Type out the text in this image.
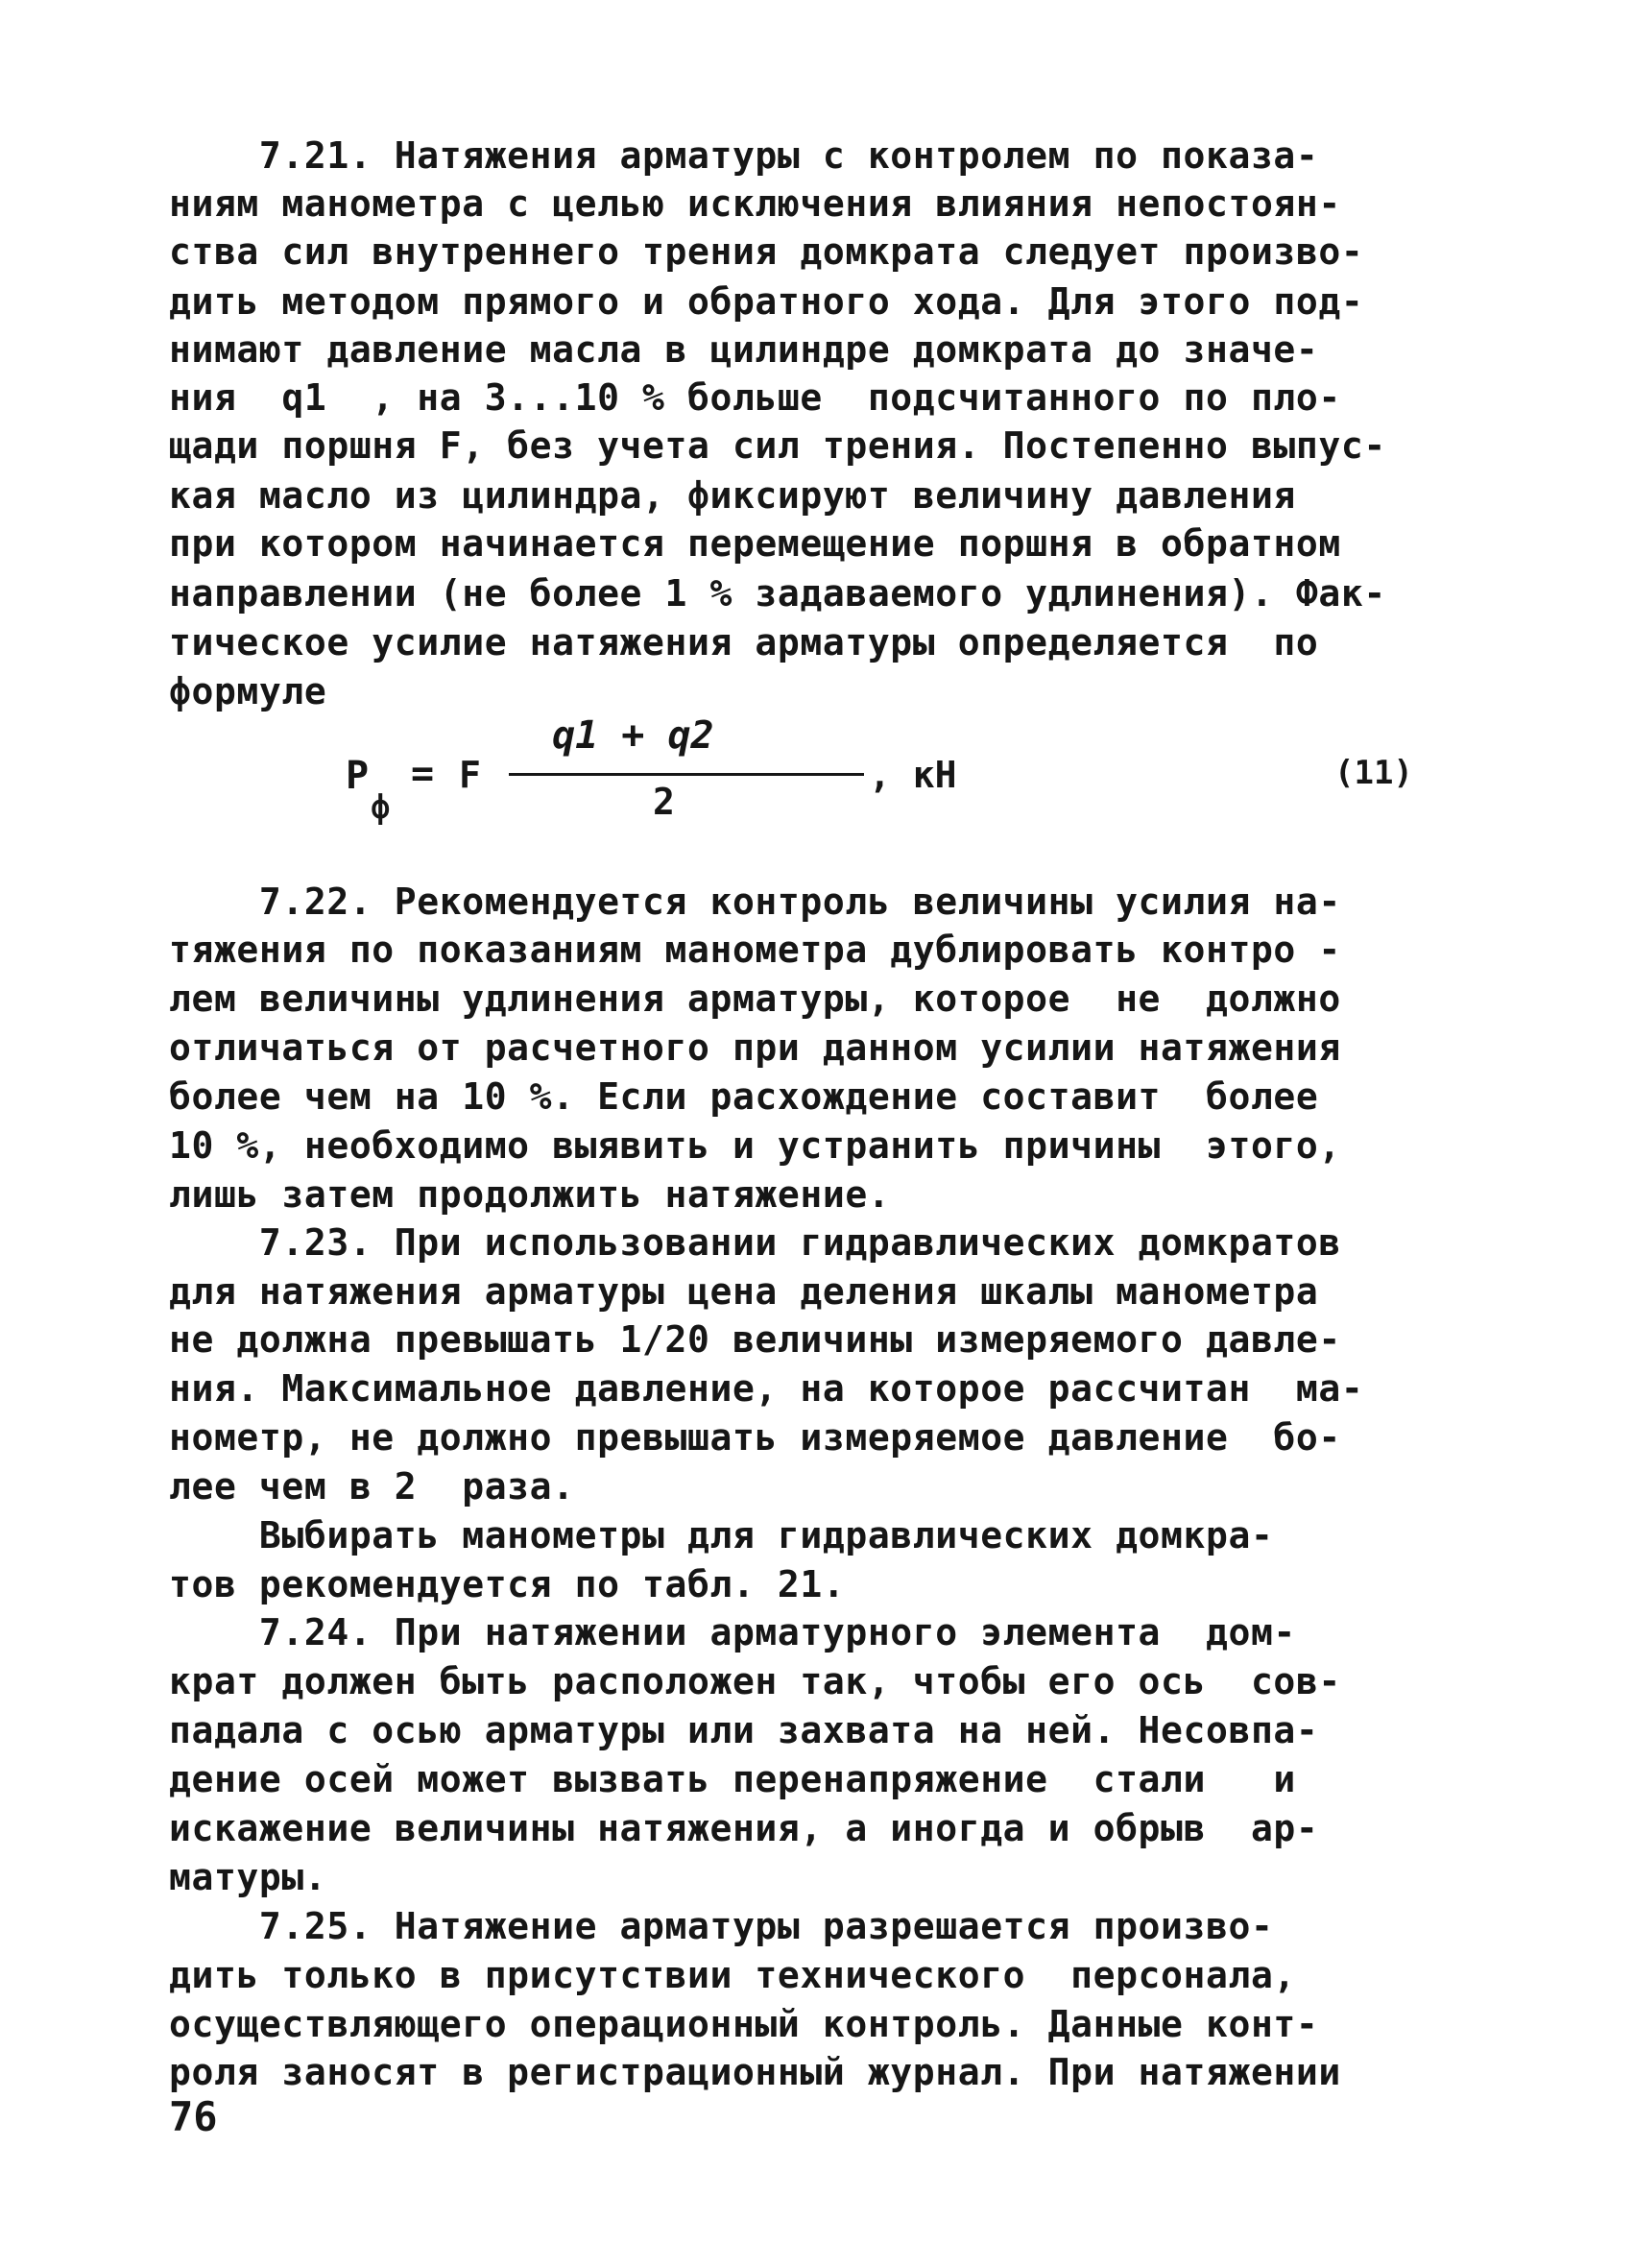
7.21. Натяжения арматуры с контролем по показа-
ниям манометра с целью исключения влияния непостоян-
ства сил внутреннего трения домкрата следует произво-
дить методом прямого и обратного хода. Для этого под-
нимают давление масла в цилиндре домкрата до значе-
ния  q1  , на 3...10 % больше  подсчитанного по пло-
щади поршня F, без учета сил трения. Постепенно выпус-
кая масло из цилиндра, фиксируют величину давления
при котором начинается перемещение поршня в обратном
направлении (не более 1 % задаваемого удлинения). Фак-
тическое усилие натяжения арматуры определяется  по
формуле
7.22. Рекомендуется контроль величины усилия на-
тяжения по показаниям манометра дублировать контро -
лем величины удлинения арматуры, которое  не  должно
отличаться от расчетного при данном усилии натяжения
более чем на 10 %. Если расхождение составит  более
10 %, необходимо выявить и устранить причины  этого,
лишь затем продолжить натяжение.
7.23. При использовании гидравлических домкратов
для натяжения арматуры цена деления шкалы манометра
не должна превышать 1/20 величины измеряемого давле-
ния. Максимальное давление, на которое рассчитан  ма-
нометр, не должно превышать измеряемое давление  бо-
лее чем в 2  раза.
Выбирать манометры для гидравлических домкра-
тов рекомендуется по табл. 21.
7.24. При натяжении арматурного элемента  дом-
крат должен быть расположен так, чтобы его ось  сов-
падала с осью арматуры или захвата на ней. Несовпа-
дение осей может вызвать перенапряжение  стали   и
искажение величины натяжения, а иногда и обрыв  ар-
матуры.
7.25. Натяжение арматуры разрешается произво-
дить только в присутствии технического  персонала,
осуществляющего операционный контроль. Данные конт-
роля заносят в регистрационный журнал. При натяжении
P
ф
= F
q1 + q2
2
, кН	(11)
76
